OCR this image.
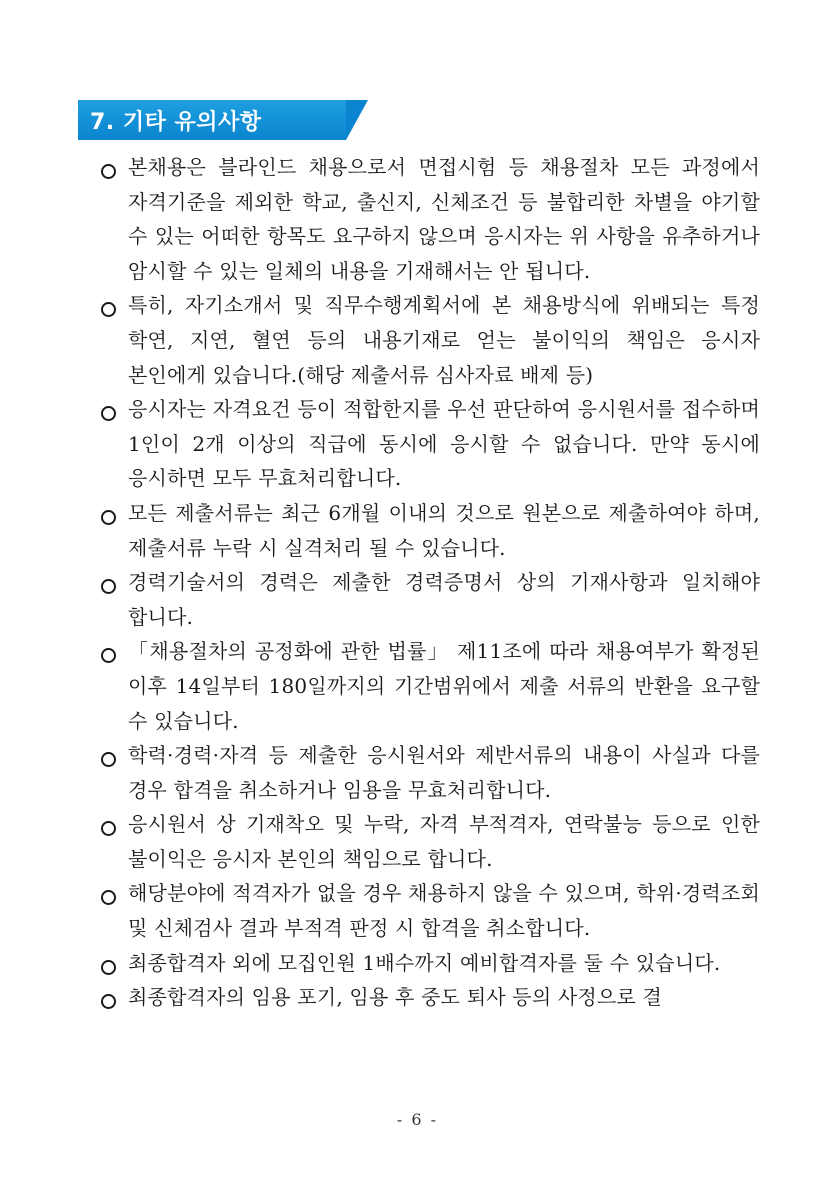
7. 기타 유의사항
본채용은 블라인드 채용으로서 면접시험 등 채용절차 모든 과정에서 자격기준을 제외한 학교, 출신지, 신체조건 등 불합리한 차별을 야기할 수 있는 어떠한 항목도 요구하지 않으며 응시자는 위 사항을 유추하거나 암시할 수 있는 일체의 내용을 기재해서는 안 됩니다.
특히, 자기소개서 및 직무수행계획서에 본 채용방식에 위배되는 특정 학연, 지연, 혈연 등의 내용기재로 얻는 불이익의 책임은 응시자 본인에게 있습니다.(해당 제출서류 심사자료 배제 등)
응시자는 자격요건 등이 적합한지를 우선 판단하여 응시원서를 접수하며 1인이 2개 이상의 직급에 동시에 응시할 수 없습니다. 만약 동시에 응시하면 모두 무효처리합니다.
모든 제출서류는 최근 6개월 이내의 것으로 원본으로 제출하여야 하며, 제출서류 누락 시 실격처리 될 수 있습니다.
경력기술서의 경력은 제출한 경력증명서 상의 기재사항과 일치해야 합니다.
「채용절차의 공정화에 관한 법률」 제11조에 따라 채용여부가 확정된 이후 14일부터 180일까지의 기간범위에서 제출 서류의 반환을 요구할 수 있습니다.
학력·경력·자격 등 제출한 응시원서와 제반서류의 내용이 사실과 다를 경우 합격을 취소하거나 임용을 무효처리합니다.
응시원서 상 기재착오 및 누락, 자격 부적격자, 연락불능 등으로 인한 불이익은 응시자 본인의 책임으로 합니다.
해당분야에 적격자가 없을 경우 채용하지 않을 수 있으며, 학위·경력조회 및 신체검사 결과 부적격 판정 시 합격을 취소합니다.
최종합격자 외에 모집인원 1배수까지 예비합격자를 둘 수 있습니다.
최종합격자의 임용 포기, 임용 후 중도 퇴사 등의 사정으로 결
- 6 -
